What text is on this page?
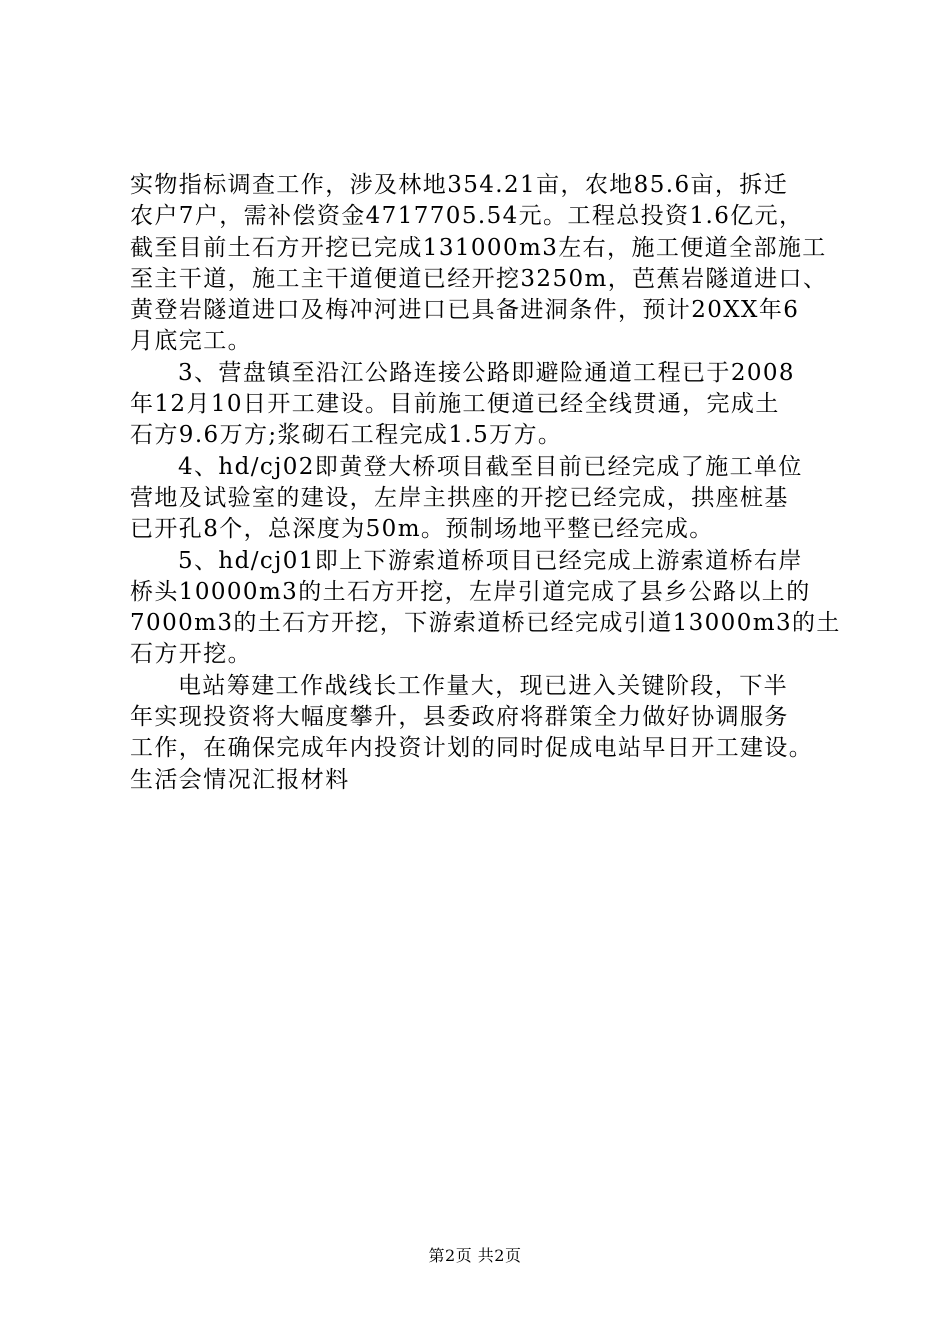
实物指标调查工作，涉及林地354.21亩，农地85.6亩，拆迁
农户7户，需补偿资金4717705.54元。工程总投资1.6亿元，
截至目前土石方开挖已完成131000m3左右，施工便道全部施工
至主干道，施工主干道便道已经开挖3250m，芭蕉岩隧道进口、
黄登岩隧道进口及梅冲河进口已具备进洞条件，预计20XX年6
月底完工。
3、营盘镇至沿江公路连接公路即避险通道工程已于2008
年12月10日开工建设。目前施工便道已经全线贯通，完成土
石方9.6万方;浆砌石工程完成1.5万方。
4、hd/cj02即黄登大桥项目截至目前已经完成了施工单位
营地及试验室的建设，左岸主拱座的开挖已经完成，拱座桩基
已开孔8个，总深度为50m。预制场地平整已经完成。
5、hd/cj01即上下游索道桥项目已经完成上游索道桥右岸
桥头10000m3的土石方开挖，左岸引道完成了县乡公路以上的
7000m3的土石方开挖，下游索道桥已经完成引道13000m3的土
石方开挖。
电站筹建工作战线长工作量大，现已进入关键阶段，下半
年实现投资将大幅度攀升，县委政府将群策全力做好协调服务
工作，在确保完成年内投资计划的同时促成电站早日开工建设。
生活会情况汇报材料
第2页 共2页
